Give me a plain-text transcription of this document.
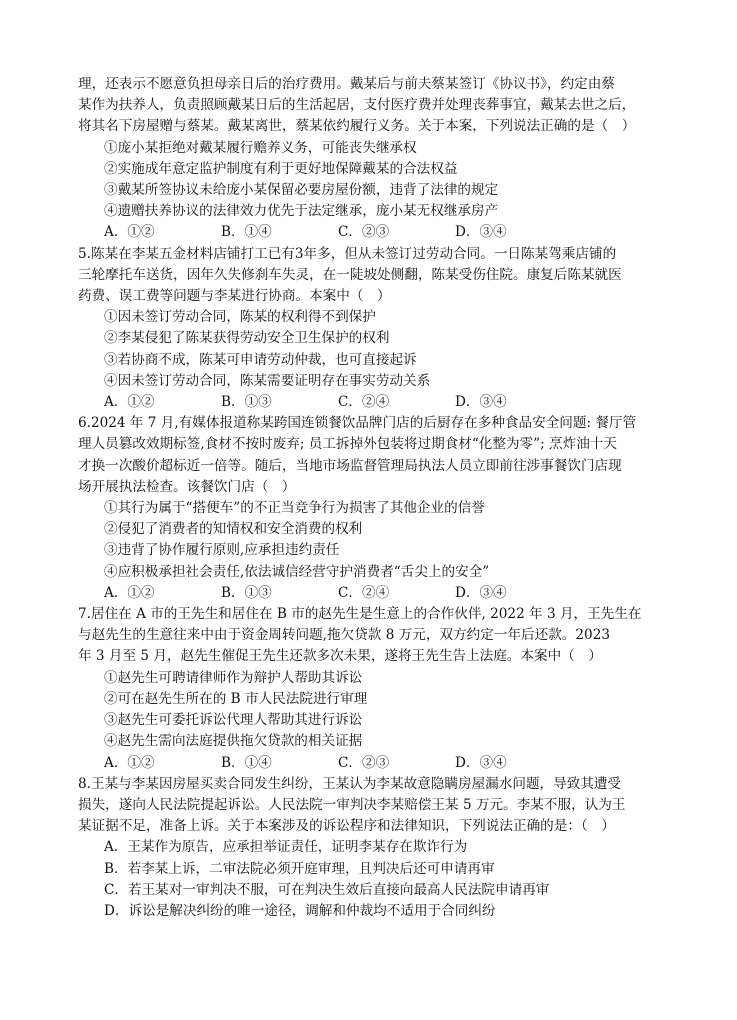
理，还表示不愿意负担母亲日后的治疗费用。戴某后与前夫蔡某签订《协议书》，约定由蔡

某作为扶养人，负责照顾戴某日后的生活起居，支付医疗费并处理丧葬事宜，戴某去世之后，

将其名下房屋赠与蔡某。戴某离世，蔡某依约履行义务。关于本案，下列说法正确的是（　）

①庞小某拒绝对戴某履行赡养义务，可能丧失继承权

②实施成年意定监护制度有利于更好地保障戴某的合法权益

③戴某所签协议未给庞小某保留必要房屋份额，违背了法律的规定

④遗赠扶养协议的法律效力优先于法定继承，庞小某无权继承房产

A．①②	B．①④	C．②③	D．③④

5.陈某在李某五金材料店铺打工已有3年多，但从未签订过劳动合同。一日陈某驾乘店铺的

三轮摩托车送货，因年久失修刹车失灵，在一陡坡处侧翻，陈某受伤住院。康复后陈某就医

药费、误工费等问题与李某进行协商。本案中（　）

①因未签订劳动合同，陈某的权利得不到保护

②李某侵犯了陈某获得劳动安全卫生保护的权利

③若协商不成，陈某可申请劳动仲裁，也可直接起诉

④因未签订劳动合同，陈某需要证明存在事实劳动关系

A．①②	B．①③	C．②④	D．③④

6.2024 年 7 月,有媒体报道称某跨国连锁餐饮品牌门店的后厨存在多种食品安全问题: 餐厅管

理人员篡改效期标签,食材不按时废弃; 员工拆掉外包装将过期食材“化整为零”; 烹炸油十天

才换一次酸价超标近一倍等。随后，当地市场监督管理局执法人员立即前往涉事餐饮门店现

场开展执法检查。该餐饮门店（　）

①其行为属于“搭便车”的不正当竞争行为损害了其他企业的信誉

②侵犯了消费者的知情权和安全消费的权利

③违背了协作履行原则,应承担违约责任

④应积极承担社会责任,依法诚信经营守护消费者“舌尖上的安全”

A．①②	B．①③	C．②④	D．③④

7.居住在 A 市的王先生和居住在 B 市的赵先生是生意上的合作伙伴, 2022 年 3 月，王先生在

与赵先生的生意往来中由于资金周转问题,拖欠贷款 8 万元，双方约定一年后还款。2023

年 3 月至 5 月，赵先生催促王先生还款多次未果，遂将王先生告上法庭。本案中（　）

①赵先生可聘请律师作为辩护人帮助其诉讼

②可在赵先生所在的 B 市人民法院进行审理

③赵先生可委托诉讼代理人帮助其进行诉讼

④赵先生需向法庭提供拖欠贷款的相关证据

A．①②	B．①④	C．②③	D．③④

8.王某与李某因房屋买卖合同发生纠纷，王某认为李某故意隐瞒房屋漏水问题，导致其遭受

损失，遂向人民法院提起诉讼。人民法院一审判决李某赔偿王某 5 万元。李某不服，认为王

某证据不足，准备上诉。关于本案涉及的诉讼程序和法律知识，下列说法正确的是：（　）

A．王某作为原告，应承担举证责任，证明李某存在欺诈行为

B．若李某上诉，二审法院必须开庭审理，且判决后还可申请再审

C．若王某对一审判决不服，可在判决生效后直接向最高人民法院申请再审

D．诉讼是解决纠纷的唯一途径，调解和仲裁均不适用于合同纠纷
